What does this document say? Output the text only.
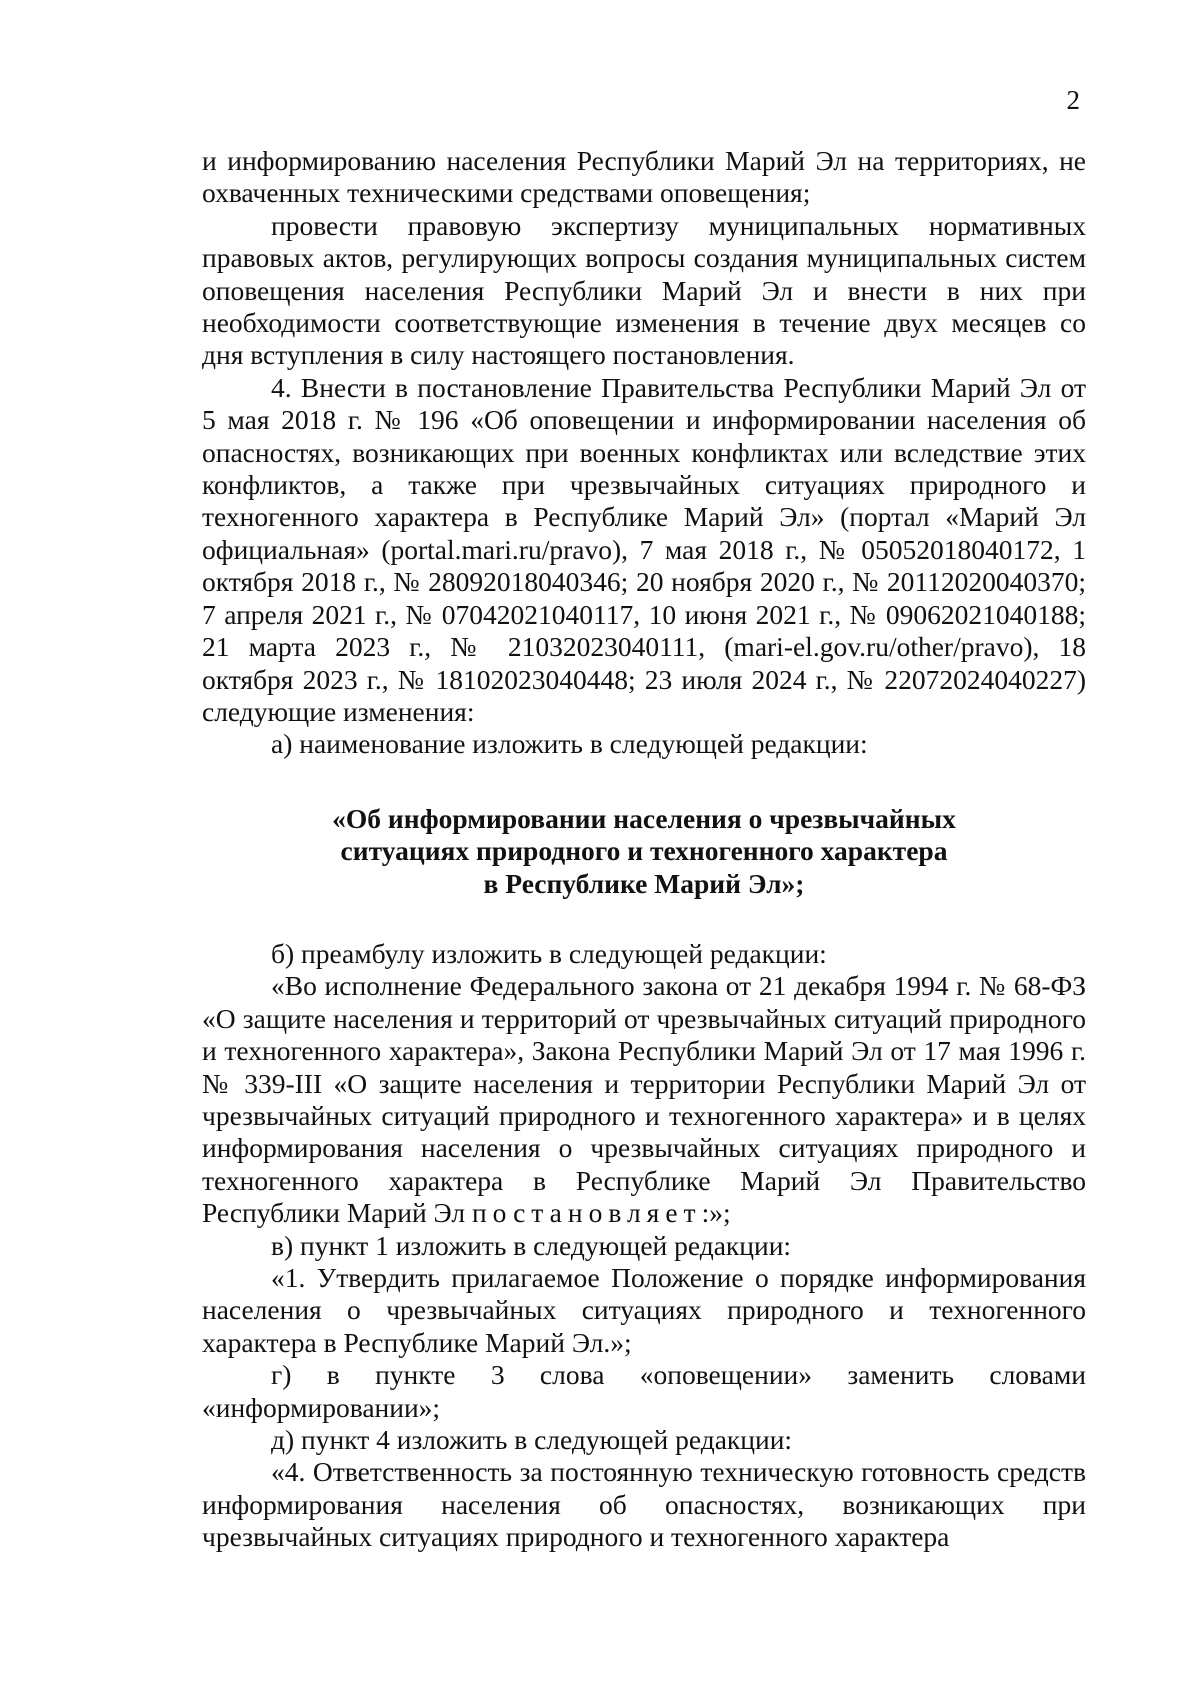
2

и информированию населения Республики Марий Эл на территориях, не охваченных техническими средствами оповещения;

провести правовую экспертизу муниципальных нормативных правовых актов, регулирующих вопросы создания муниципальных систем оповещения населения Республики Марий Эл и внести в них при необходимости соответствующие изменения в течение двух месяцев со дня вступления в силу настоящего постановления.

4. Внести в постановление Правительства Республики Марий Эл от 5 мая 2018 г. № 196 «Об оповещении и информировании населения об опасностях, возникающих при военных конфликтах или вследствие этих конфликтов, а также при чрезвычайных ситуациях природного и техногенного характера в Республике Марий Эл» (портал «Марий Эл официальная» (portal.mari.ru/pravo), 7 мая 2018 г., № 05052018040172, 1 октября 2018 г., № 28092018040346; 20 ноября 2020 г., № 20112020040370; 7 апреля 2021 г., № 07042021040117, 10 июня 2021 г., № 09062021040188; 21 марта 2023 г., № 21032023040111, (mari-el.gov.ru/other/pravo), 18 октября 2023 г., № 18102023040448; 23 июля 2024 г., № 22072024040227) следующие изменения:

а) наименование изложить в следующей редакции:

«Об информировании населения о чрезвычайных
ситуациях природного и техногенного характера
в Республике Марий Эл»;

б) преамбулу изложить в следующей редакции:

«Во исполнение Федерального закона от 21 декабря 1994 г. № 68-ФЗ «О защите населения и территорий от чрезвычайных ситуаций природного и техногенного характера», Закона Республики Марий Эл от 17 мая 1996 г. № 339-III «О защите населения и территории Республики Марий Эл от чрезвычайных ситуаций природного и техногенного характера» и в целях информирования населения о чрезвычайных ситуациях природного и техногенного характера в Республике Марий Эл Правительство Республики Марий Эл постановляет:»;

в) пункт 1 изложить в следующей редакции:

«1. Утвердить прилагаемое Положение о порядке информирования населения о чрезвычайных ситуациях природного и техногенного характера в Республике Марий Эл.»;

г) в пункте 3 слова «оповещении» заменить словами «информировании»;

д) пункт 4 изложить в следующей редакции:

«4. Ответственность за постоянную техническую готовность средств информирования населения об опасностях, возникающих при чрезвычайных ситуациях природного и техногенного характера
